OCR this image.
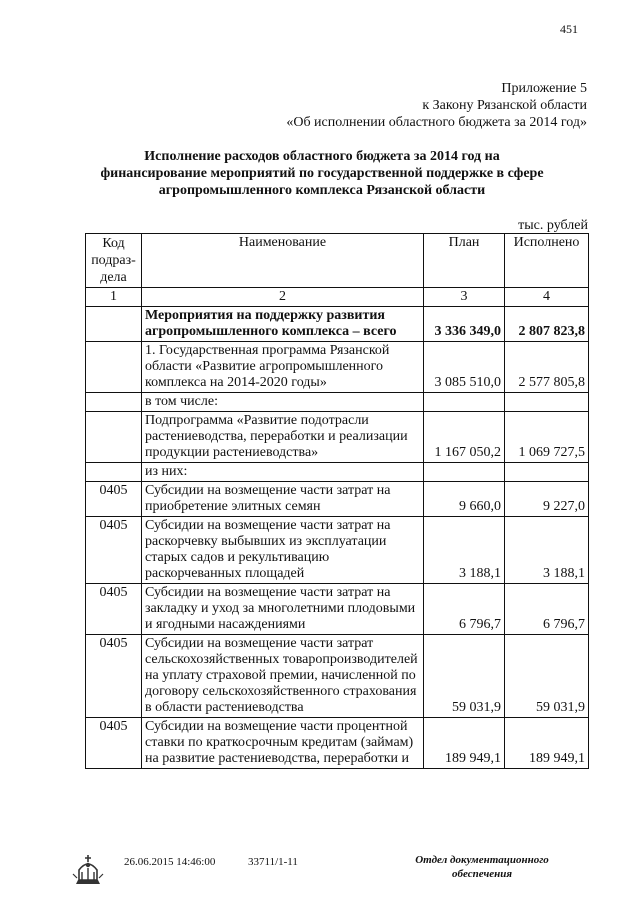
451
Приложение 5
к Закону Рязанской области
«Об исполнении областного бюджета за 2014 год»
Исполнение расходов областного бюджета за 2014 год на
финансирование мероприятий по государственной поддержке в сфере
агропромышленного комплекса Рязанской области
тыс. рублей
Код
подраз-
дела	Наименование	План	Исполнено
1	2	3	4
	Мероприятия на поддержку развития агропромышленного комплекса – всего	3 336 349,0	2 807 823,8
	1. Государственная программа Рязанской области «Развитие агропромышленного комплекса на 2014-2020 годы»	3 085 510,0	2 577 805,8
	в том числе:		
	Подпрограмма «Развитие подотрасли растениеводства, переработки и реализации продукции растениеводства»	1 167 050,2	1 069 727,5
	из них:		
0405	Субсидии на возмещение части затрат на приобретение элитных семян	9 660,0	9 227,0
0405	Субсидии на возмещение части затрат на раскорчевку выбывших из эксплуатации старых садов и рекультивацию раскорчеванных площадей	3 188,1	3 188,1
0405	Субсидии на возмещение части затрат на закладку и уход за многолетними плодовыми и ягодными насаждениями	6 796,7	6 796,7
0405	Субсидии на возмещение части затрат сельскохозяйственных товаропроизводителей на уплату страховой премии, начисленной по договору сельскохозяйственного страхования в области растениеводства	59 031,9	59 031,9
0405	Субсидии на возмещение части процентной ставки по краткосрочным кредитам (займам) на развитие растениеводства, переработки и	189 949,1	189 949,1
26.06.2015 14:46:00	33711/1-11	Отдел документационного
обеспечения
